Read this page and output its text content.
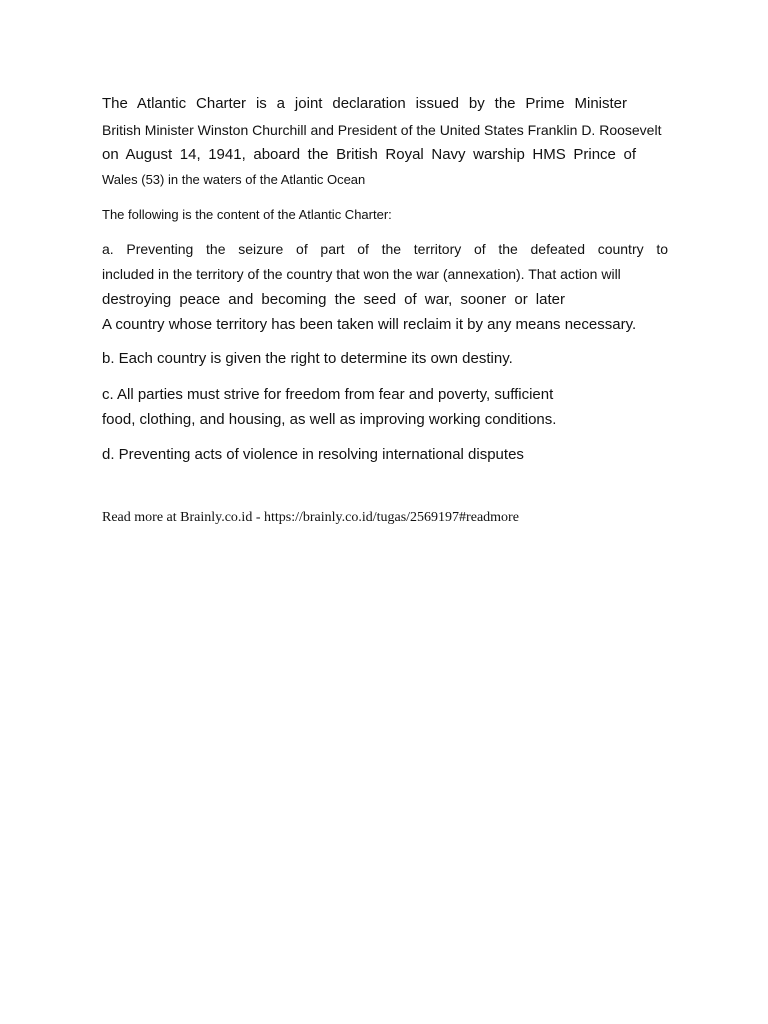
The Atlantic Charter is a joint declaration issued by the Prime Minister
British Minister Winston Churchill and President of the United States Franklin D. Roosevelt
on August 14, 1941, aboard the British Royal Navy warship HMS Prince of
Wales (53) in the waters of the Atlantic Ocean
The following is the content of the Atlantic Charter:
a. Preventing the seizure of part of the territory of the defeated country to
included in the territory of the country that won the war (annexation). That action will
destroying peace and becoming the seed of war, sooner or later
A country whose territory has been taken will reclaim it by any means necessary.
b. Each country is given the right to determine its own destiny.
c. All parties must strive for freedom from fear and poverty, sufficient
food, clothing, and housing, as well as improving working conditions.
d. Preventing acts of violence in resolving international disputes
Read more at Brainly.co.id - https://brainly.co.id/tugas/2569197#readmore
